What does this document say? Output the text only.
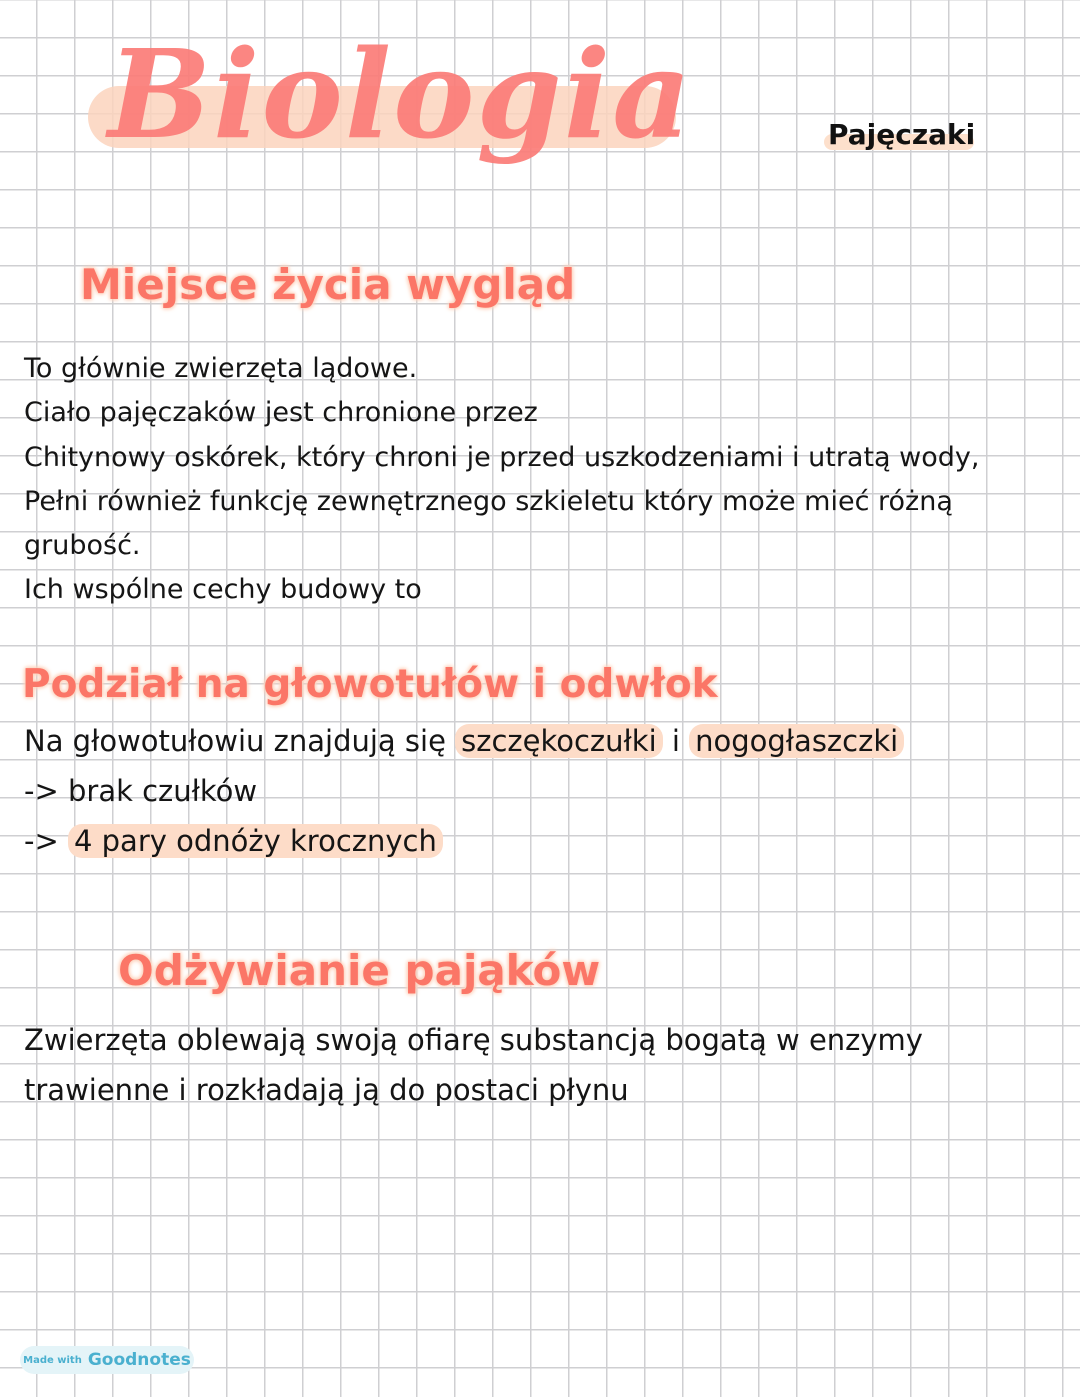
Biologia	Pajęczaki
Miejsce życia wygląd
To głównie zwierzęta lądowe.
Ciało pajęczaków jest chronione przez
Chitynowy oskórek, który chroni je przed uszkodzeniami i utratą wody,
Pełni również funkcję zewnętrznego szkieletu który może mieć różną
grubość.
Ich wspólne cechy budowy to
Podział na głowotułów i odwłok
Na głowotułowiu znajdują się szczękoczułki i nogogłaszczki
-> brak czułków
-> 4 pary odnóży krocznych
Odżywianie pająków
Zwierzęta oblewają swoją ofiarę substancją bogatą w enzymy
trawienne i rozkładają ją do postaci płynu
Made with Goodnotes
